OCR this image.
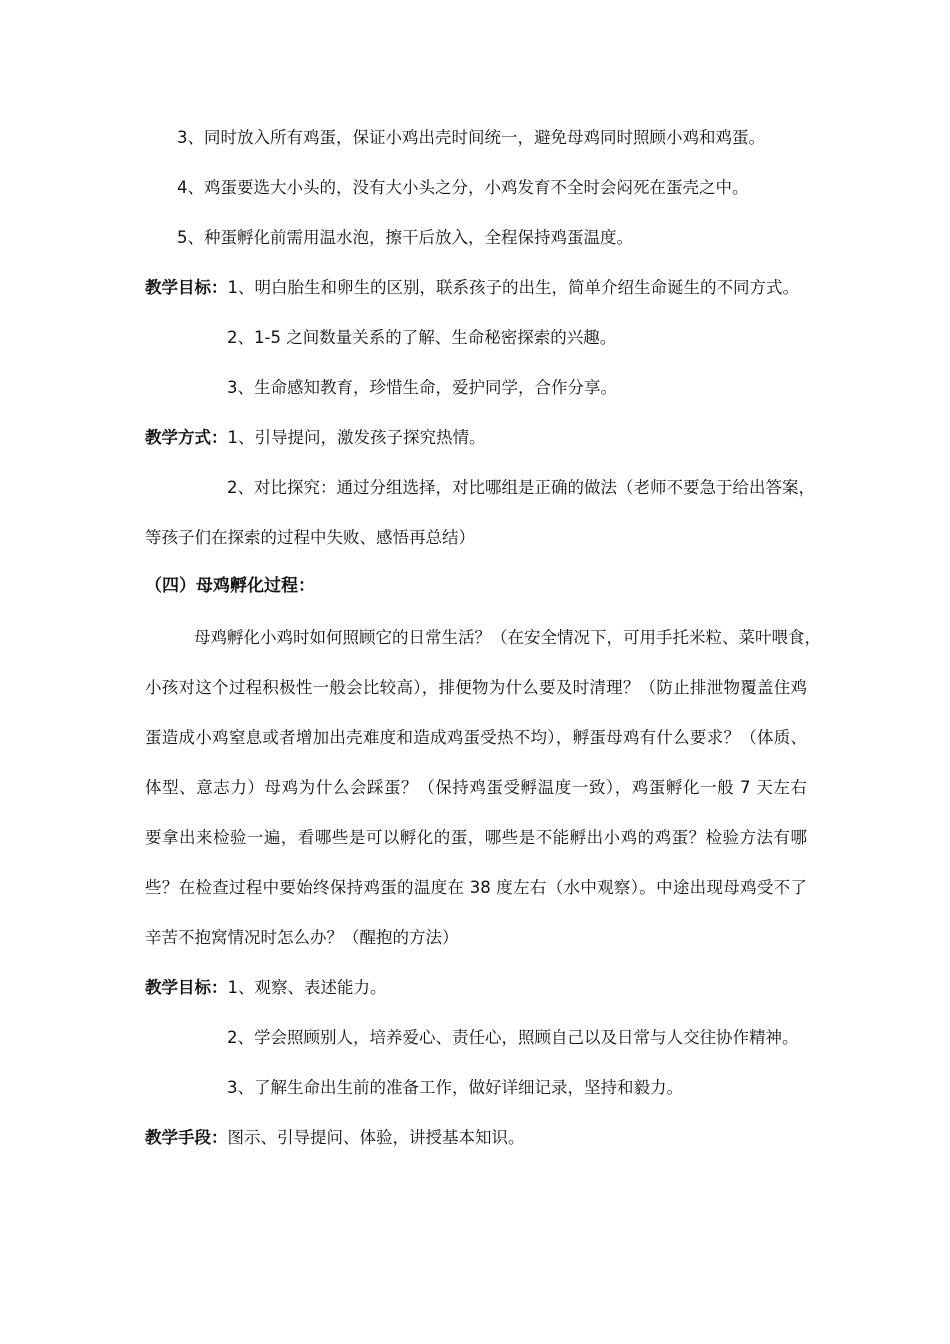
3、同时放入所有鸡蛋，保证小鸡出壳时间统一，避免母鸡同时照顾小鸡和鸡蛋。
4、鸡蛋要选大小头的，没有大小头之分，小鸡发育不全时会闷死在蛋壳之中。
5、种蛋孵化前需用温水泡，擦干后放入，全程保持鸡蛋温度。
教学目标：1、明白胎生和卵生的区别，联系孩子的出生，简单介绍生命诞生的不同方式。
2、1-5 之间数量关系的了解、生命秘密探索的兴趣。
3、生命感知教育，珍惜生命，爱护同学，合作分享。
教学方式：1、引导提问，激发孩子探究热情。
2、对比探究：通过分组选择，对比哪组是正确的做法（老师不要急于给出答案，
等孩子们在探索的过程中失败、感悟再总结）
（四）母鸡孵化过程：
母鸡孵化小鸡时如何照顾它的日常生活？（在安全情况下，可用手托米粒、菜叶喂食，
小孩对这个过程积极性一般会比较高），排便物为什么要及时清理？（防止排泄物覆盖住鸡
蛋造成小鸡窒息或者增加出壳难度和造成鸡蛋受热不均），孵蛋母鸡有什么要求？（体质、
体型、意志力）母鸡为什么会踩蛋？（保持鸡蛋受孵温度一致），鸡蛋孵化一般 7 天左右
要拿出来检验一遍，看哪些是可以孵化的蛋，哪些是不能孵出小鸡的鸡蛋？检验方法有哪
些？在检查过程中要始终保持鸡蛋的温度在 38 度左右（水中观察）。中途出现母鸡受不了
辛苦不抱窝情况时怎么办？（醒抱的方法）
教学目标：1、观察、表述能力。
2、学会照顾别人，培养爱心、责任心，照顾自己以及日常与人交往协作精神。
3、了解生命出生前的准备工作，做好详细记录，坚持和毅力。
教学手段：图示、引导提问、体验，讲授基本知识。
